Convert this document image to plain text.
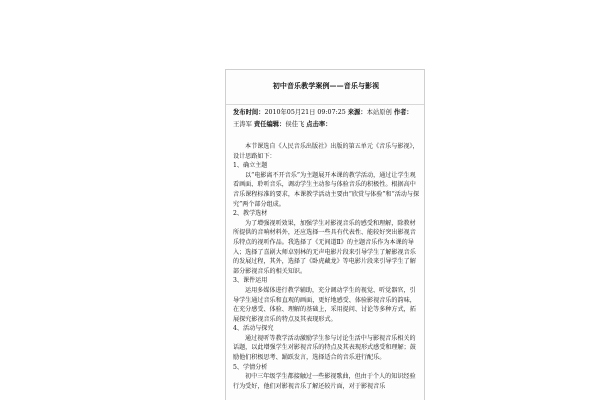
初中音乐教学案例——音乐与影视
发布时间：2010年05月21日 09:07:25 来源：本站原创 作者：
王涛军 责任编辑：侯佳飞 点击率：

本节课选自《人民音乐出版社》出版的第五单元《音乐与影视》，设计思路如下：

1、确立主题

以“电影离不开音乐”为主题展开本课的教学活动，通过让学生观看画面、聆听音乐，调动学生主动参与体验音乐的积极性。根据高中音乐课程标准的要求，本课教学活动主要由“欣赏与体验”和“活动与探究”两个部分组成。

2、教学选材

为了增强视听效果，加强学生对影视音乐的感受和理解，除教材所提供的音响材料外，还应选择一些具有代表性、能较好突出影视音乐特点的视听作品。我选择了《无间道Ⅱ》的主题音乐作为本课的导入；选择了喜剧大师卓别林的无声电影片段来引导学生了解影视音乐的发展过程，其外，选择了《卧虎藏龙》等电影片段来引导学生了解部分影视音乐的相关知识。

3、课件运用

运用多媒体进行教学辅助，充分调动学生的视觉、听觉器官，引导学生通过音乐和直观的画面，更好地感受、体验影视音乐的韵味，在充分感受、体验、理解的基础上，采用提问、讨论等多种方式，拓展探究影视音乐的特点及其表现形式。

4、活动与探究

通过视听等教学活动激励学生参与讨论生活中与影视音乐相关的话题，以此增强学生对影视音乐的特点及其表现形式感受和理解；鼓励他们积极思考、踊跃发言，选择适合的音乐进行配乐。

5、学情分析

初中三年级学生都接触过一些影视歌曲，但由于个人的知识经验行为受好，他们对影视音乐了解还较片面，对于影视音乐
